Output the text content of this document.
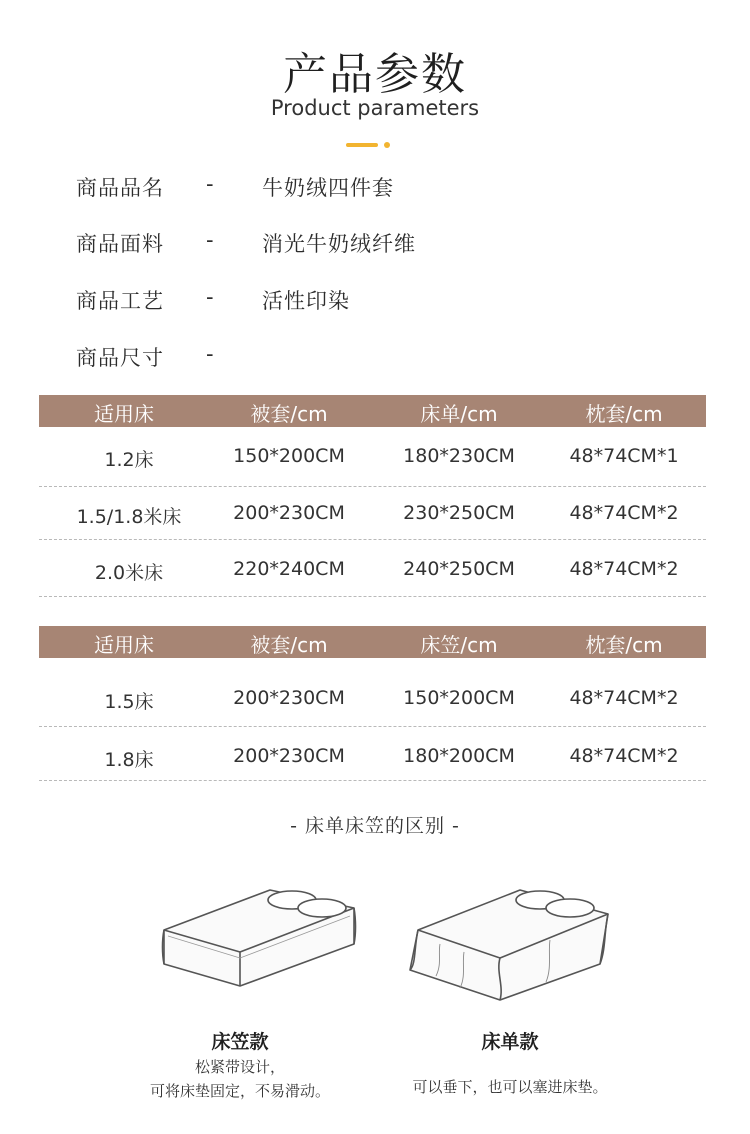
产品参数
Product parameters
商品品名 - 牛奶绒四件套
商品面料 - 消光牛奶绒纤维
商品工艺 - 活性印染
商品尺寸 -
适用床	被套/cm	床单/cm	枕套/cm
1.2床	150*200CM	180*230CM	48*74CM*1
1.5/1.8米床	200*230CM	230*250CM	48*74CM*2
2.0米床	220*240CM	240*250CM	48*74CM*2
适用床	被套/cm	床笠/cm	枕套/cm
1.5床	200*230CM	150*200CM	48*74CM*2
1.8床	200*230CM	180*200CM	48*74CM*2
- 床单床笠的区别 -
床笠款
松紧带设计，
可将床垫固定，不易滑动。
床单款
可以垂下，也可以塞进床垫。
